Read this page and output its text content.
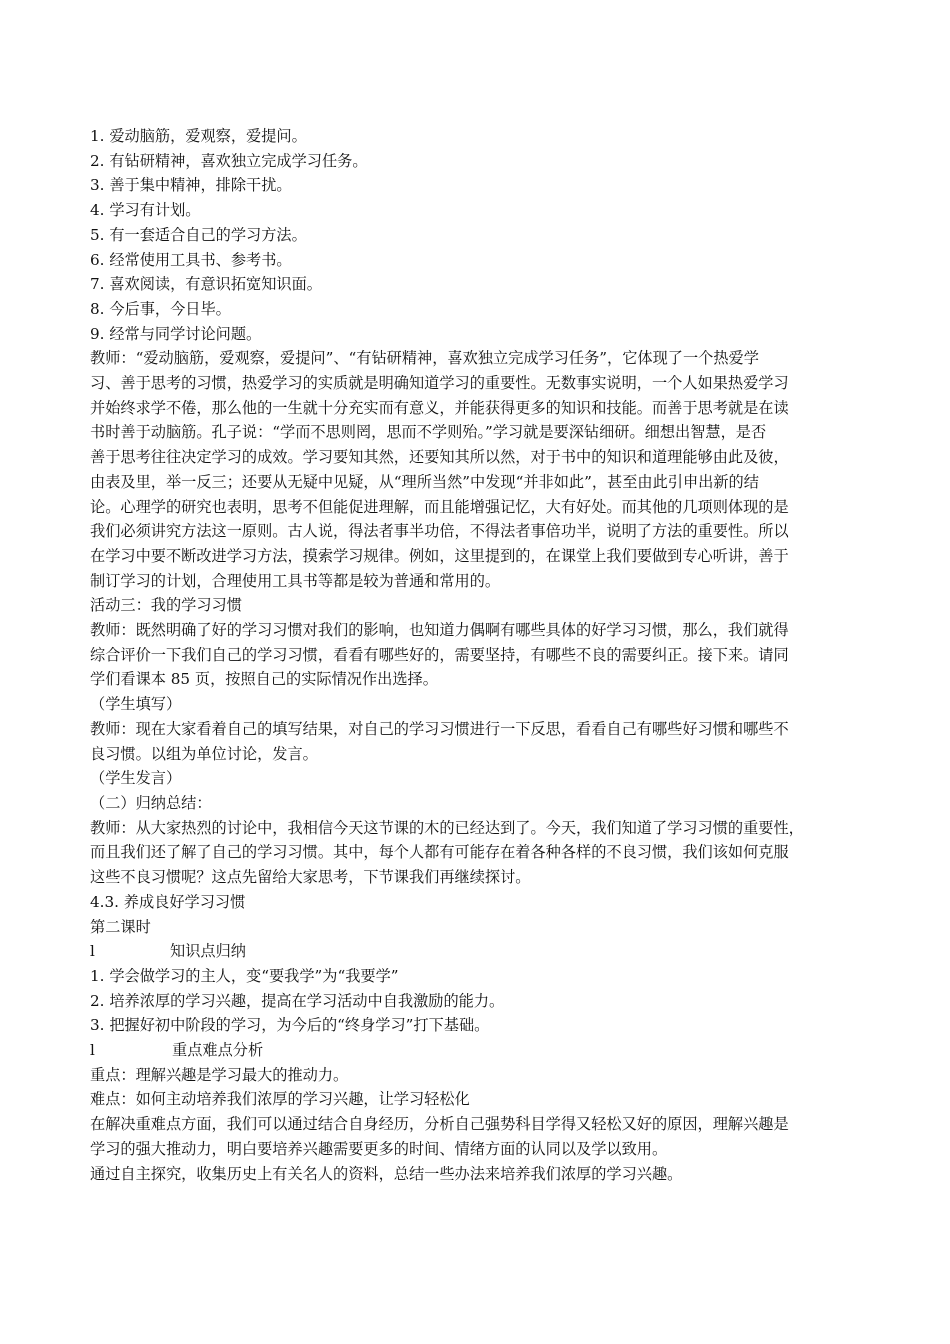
1. 爱动脑筋，爱观察，爱提问。
2. 有钻研精神，喜欢独立完成学习任务。
3. 善于集中精神，排除干扰。
4. 学习有计划。
5. 有一套适合自己的学习方法。
6. 经常使用工具书、参考书。
7. 喜欢阅读，有意识拓宽知识面。
8. 今后事，今日毕。
9. 经常与同学讨论问题。
教师：“爱动脑筋，爱观察，爱提问”、“有钻研精神，喜欢独立完成学习任务”，它体现了一个热爱学
习、善于思考的习惯，热爱学习的实质就是明确知道学习的重要性。无数事实说明，一个人如果热爱学习
并始终求学不倦，那么他的一生就十分充实而有意义，并能获得更多的知识和技能。而善于思考就是在读
书时善于动脑筋。孔子说：“学而不思则罔，思而不学则殆。”学习就是要深钻细研。细想出智慧，是否
善于思考往往决定学习的成效。学习要知其然，还要知其所以然，对于书中的知识和道理能够由此及彼，
由表及里，举一反三；还要从无疑中见疑，从“理所当然”中发现“并非如此”，甚至由此引申出新的结
论。心理学的研究也表明，思考不但能促进理解，而且能增强记忆，大有好处。而其他的几项则体现的是
我们必须讲究方法这一原则。古人说，得法者事半功倍，不得法者事倍功半，说明了方法的重要性。所以
在学习中要不断改进学习方法，摸索学习规律。例如，这里提到的，在课堂上我们要做到专心听讲，善于
制订学习的计划，合理使用工具书等都是较为普通和常用的。
活动三：我的学习习惯
教师：既然明确了好的学习习惯对我们的影响，也知道力偶啊有哪些具体的好学习习惯，那么，我们就得
综合评价一下我们自己的学习习惯，看看有哪些好的，需要坚持，有哪些不良的需要纠正。接下来。请同
学们看课本 85 页，按照自己的实际情况作出选择。
（学生填写）
教师：现在大家看着自己的填写结果，对自己的学习习惯进行一下反思，看看自己有哪些好习惯和哪些不
良习惯。以组为单位讨论，发言。
（学生发言）
（二）归纳总结：
教师：从大家热烈的讨论中，我相信今天这节课的木的已经达到了。今天，我们知道了学习习惯的重要性，
而且我们还了解了自己的学习习惯。其中，每个人都有可能存在着各种各样的不良习惯，我们该如何克服
这些不良习惯呢？这点先留给大家思考，下节课我们再继续探讨。
4.3. 养成良好学习习惯
第二课时
l	知识点归纳
1. 学会做学习的主人，变“要我学”为“我要学”
2. 培养浓厚的学习兴趣，提高在学习活动中自我激励的能力。
3. 把握好初中阶段的学习，为今后的“终身学习”打下基础。
l	重点难点分析
重点：理解兴趣是学习最大的推动力。
难点：如何主动培养我们浓厚的学习兴趣，让学习轻松化
在解决重难点方面，我们可以通过结合自身经历，分析自己强势科目学得又轻松又好的原因，理解兴趣是
学习的强大推动力，明白要培养兴趣需要更多的时间、情绪方面的认同以及学以致用。
通过自主探究，收集历史上有关名人的资料，总结一些办法来培养我们浓厚的学习兴趣。
